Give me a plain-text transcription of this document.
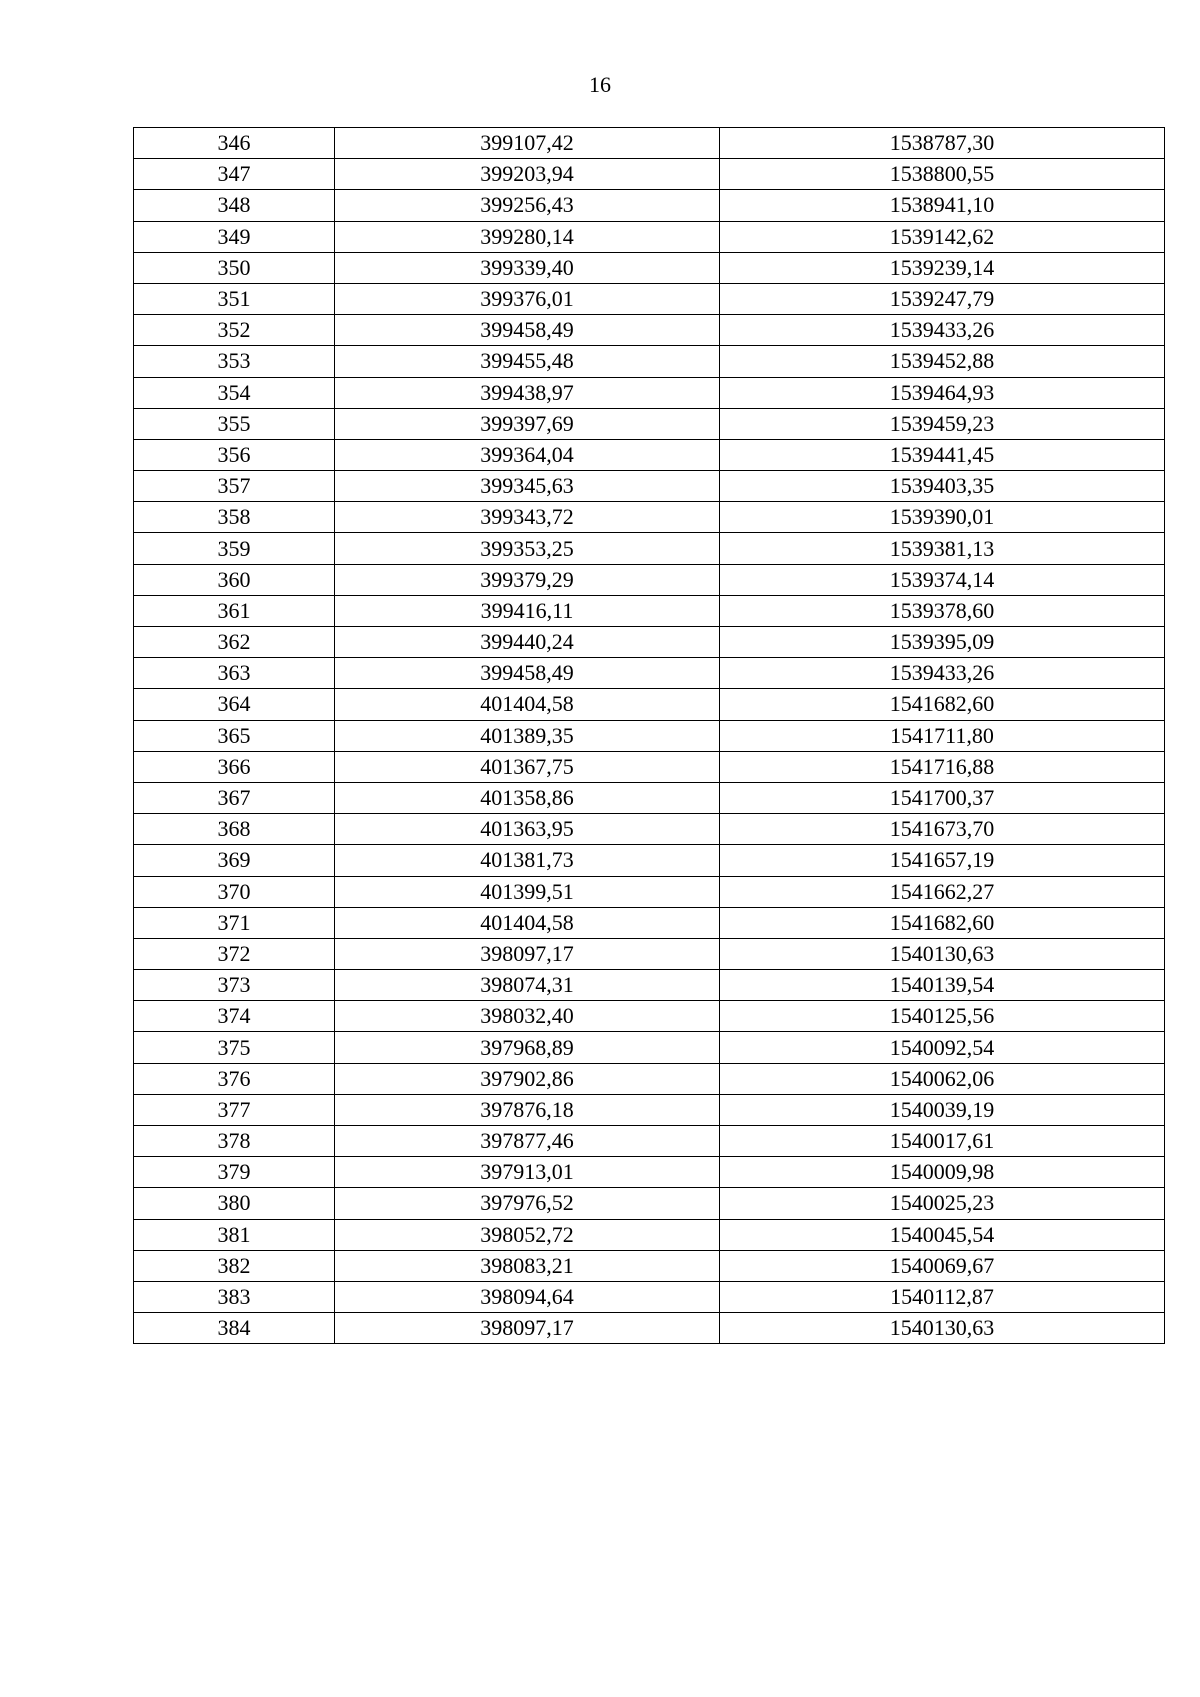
16
346	399107,42	1538787,30
347	399203,94	1538800,55
348	399256,43	1538941,10
349	399280,14	1539142,62
350	399339,40	1539239,14
351	399376,01	1539247,79
352	399458,49	1539433,26
353	399455,48	1539452,88
354	399438,97	1539464,93
355	399397,69	1539459,23
356	399364,04	1539441,45
357	399345,63	1539403,35
358	399343,72	1539390,01
359	399353,25	1539381,13
360	399379,29	1539374,14
361	399416,11	1539378,60
362	399440,24	1539395,09
363	399458,49	1539433,26
364	401404,58	1541682,60
365	401389,35	1541711,80
366	401367,75	1541716,88
367	401358,86	1541700,37
368	401363,95	1541673,70
369	401381,73	1541657,19
370	401399,51	1541662,27
371	401404,58	1541682,60
372	398097,17	1540130,63
373	398074,31	1540139,54
374	398032,40	1540125,56
375	397968,89	1540092,54
376	397902,86	1540062,06
377	397876,18	1540039,19
378	397877,46	1540017,61
379	397913,01	1540009,98
380	397976,52	1540025,23
381	398052,72	1540045,54
382	398083,21	1540069,67
383	398094,64	1540112,87
384	398097,17	1540130,63
